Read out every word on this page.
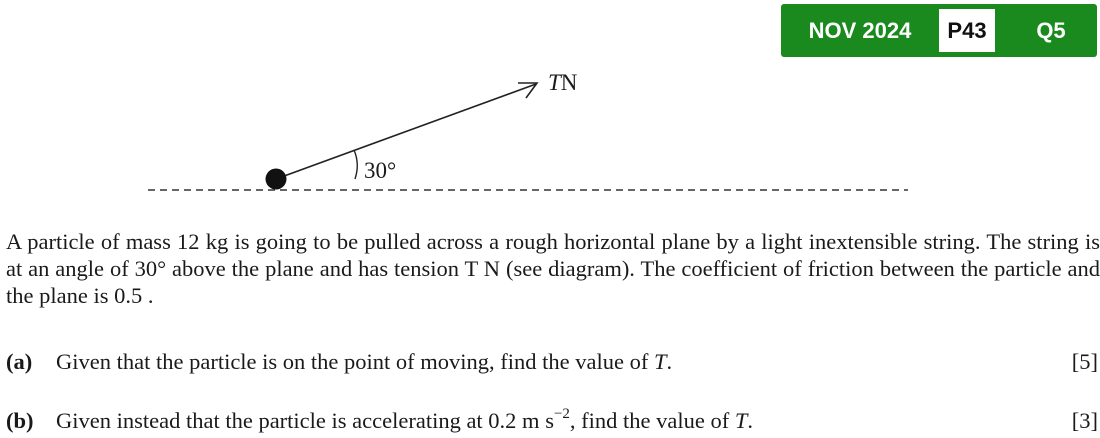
NOV 2024	P43	Q5
TN
30°
A particle of mass 12 kg is going to be pulled across a rough horizontal plane by a light inextensible string. The string is at an angle of 30° above the plane and has tension T N (see diagram). The coefficient of friction between the particle and the plane is 0.5 .
(a) Given that the particle is on the point of moving, find the value of T.	[5]
(b) Given instead that the particle is accelerating at 0.2 m $s^{-2}$, find the value of T.	[3]
